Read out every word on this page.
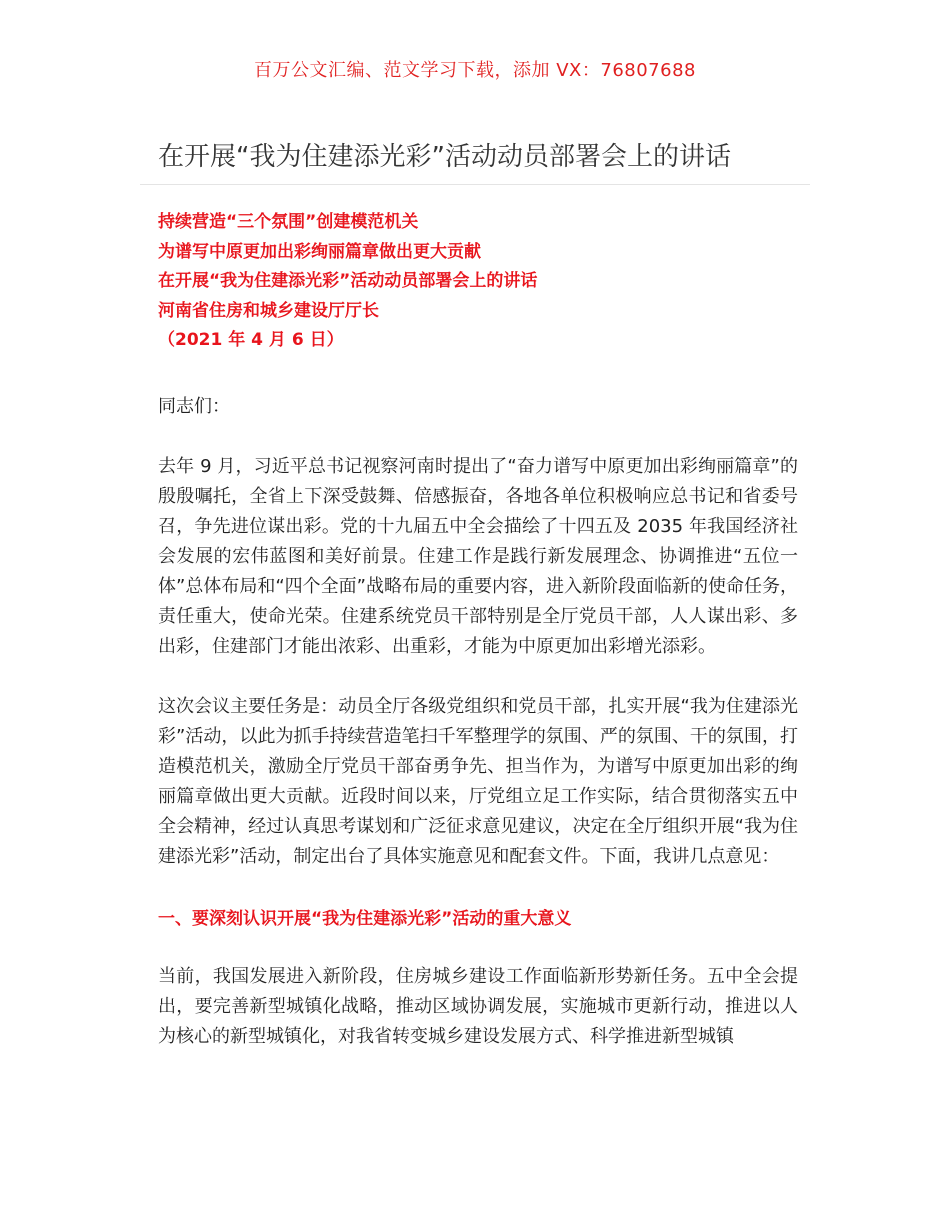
百万公文汇编、范文学习下载，添加 VX：76807688
在开展“我为住建添光彩”活动动员部署会上的讲话
持续营造“三个氛围”创建模范机关
为谱写中原更加出彩绚丽篇章做出更大贡献
在开展“我为住建添光彩”活动动员部署会上的讲话
河南省住房和城乡建设厅厅长
（2021 年 4 月 6 日）

同志们：

去年 9 月，习近平总书记视察河南时提出了“奋力谱写中原更加出彩绚丽篇章”的殷殷嘱托，全省上下深受鼓舞、倍感振奋，各地各单位积极响应总书记和省委号召，争先进位谋出彩。党的十九届五中全会描绘了十四五及 2035 年我国经济社会发展的宏伟蓝图和美好前景。住建工作是践行新发展理念、协调推进“五位一体”总体布局和“四个全面”战略布局的重要内容，进入新阶段面临新的使命任务，责任重大，使命光荣。住建系统党员干部特别是全厅党员干部，人人谋出彩、多出彩，住建部门才能出浓彩、出重彩，才能为中原更加出彩增光添彩。

这次会议主要任务是：动员全厅各级党组织和党员干部，扎实开展“我为住建添光彩”活动，以此为抓手持续营造笔扫千军整理学的氛围、严的氛围、干的氛围，打造模范机关，激励全厅党员干部奋勇争先、担当作为，为谱写中原更加出彩的绚丽篇章做出更大贡献。近段时间以来，厅党组立足工作实际，结合贯彻落实五中全会精神，经过认真思考谋划和广泛征求意见建议，决定在全厅组织开展“我为住建添光彩”活动，制定出台了具体实施意见和配套文件。下面，我讲几点意见：

一、要深刻认识开展“我为住建添光彩”活动的重大意义

当前，我国发展进入新阶段，住房城乡建设工作面临新形势新任务。五中全会提出，要完善新型城镇化战略，推动区域协调发展，实施城市更新行动，推进以人为核心的新型城镇化，对我省转变城乡建设发展方式、科学推进新型城镇
